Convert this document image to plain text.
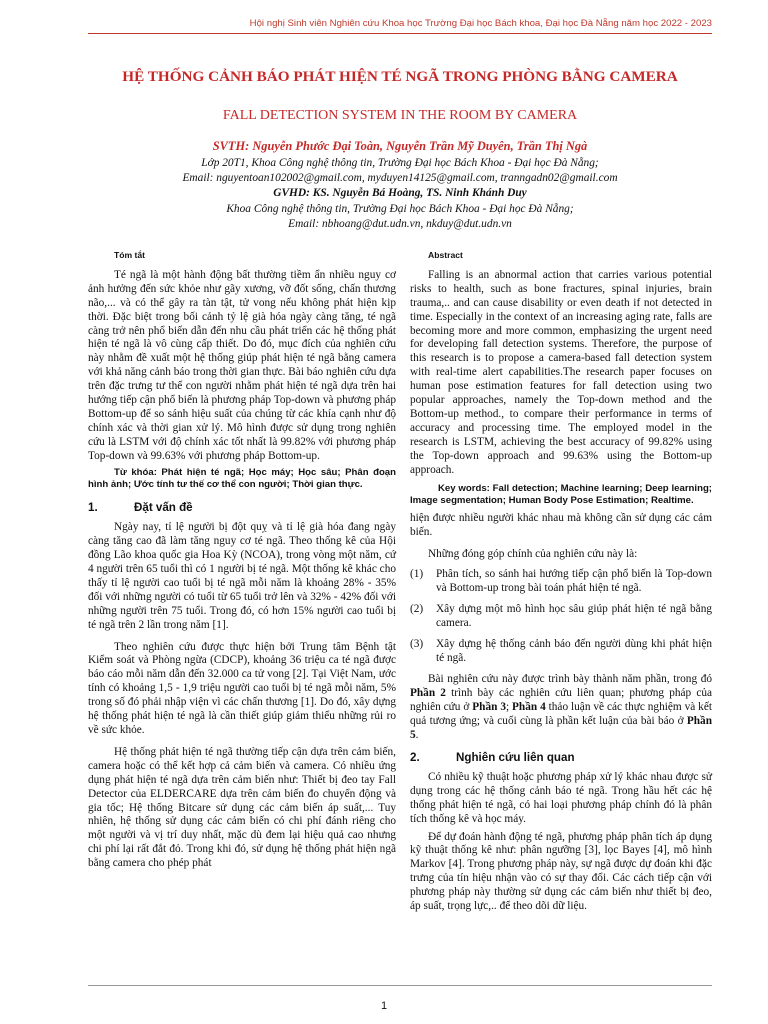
Hội nghị Sinh viên Nghiên cứu Khoa học Trường Đại học Bách khoa, Đại học Đà Nẵng năm học 2022 - 2023
HỆ THỐNG CẢNH BÁO PHÁT HIỆN TÉ NGÃ TRONG PHÒNG BẰNG CAMERA
FALL DETECTION SYSTEM IN THE ROOM BY CAMERA
SVTH: Nguyễn Phước Đại Toàn, Nguyễn Trần Mỹ Duyên, Trần Thị Ngà
Lớp 20T1, Khoa Công nghệ thông tin, Trường Đại học Bách Khoa - Đại học Đà Nẵng;
Email: nguyentoan102002@gmail.com, myduyen14125@gmail.com, tranngadn02@gmail.com
GVHD: KS. Nguyễn Bá Hoàng, TS. Ninh Khánh Duy
Khoa Công nghệ thông tin, Trường Đại học Bách Khoa - Đại học Đà Nẵng;
Email: nbhoang@dut.udn.vn, nkduy@dut.udn.vn
Tóm tắt

Té ngã là một hành động bất thường tiềm ẩn nhiều nguy cơ ảnh hưởng đến sức khỏe như gãy xương, vỡ đốt sống, chấn thương não,... và có thể gây ra tàn tật, tử vong nếu không phát hiện kịp thời. Đặc biệt trong bối cảnh tỷ lệ già hóa ngày càng tăng, té ngã càng trở nên phổ biến dẫn đến nhu cầu phát triển các hệ thống phát hiện té ngã là vô cùng cấp thiết. Do đó, mục đích của nghiên cứu này nhằm đề xuất một hệ thống giúp phát hiện té ngã bằng camera với khả năng cảnh báo trong thời gian thực. Bài báo nghiên cứu dựa trên đặc trưng tư thế con người nhằm phát hiện té ngã dựa trên hai hướng tiếp cận phổ biến là phương pháp Top-down và phương pháp Bottom-up để so sánh hiệu suất của chúng từ các khía cạnh như độ chính xác và thời gian xử lý. Mô hình được sử dụng trong nghiên cứu là LSTM với độ chính xác tốt nhất là 99.82% với phương pháp Top-down và 99.63% với phương pháp Bottom-up.

Từ khóa: Phát hiện té ngã; Học máy; Học sâu; Phân đoạn hình ảnh; Ước tính tư thế cơ thể con người; Thời gian thực.

1.	Đặt vấn đề

Ngày nay, tỉ lệ người bị đột quỵ và tỉ lệ già hóa đang ngày càng tăng cao đã làm tăng nguy cơ té ngã. Theo thống kê của Hội đồng Lão khoa quốc gia Hoa Kỳ (NCOA), trong vòng một năm, cứ 4 người trên 65 tuổi thì có 1 người bị té ngã. Một thống kê khác cho thấy tỉ lệ người cao tuổi bị té ngã mỗi năm là khoảng 28% - 35% đối với những người có tuổi từ 65 tuổi trở lên và 32% - 42% đối với những người trên 75 tuổi. Trong đó, có hơn 15% người cao tuổi bị té ngã trên 2 lần trong năm [1].

Theo nghiên cứu được thực hiện bởi Trung tâm Bệnh tật Kiểm soát và Phòng ngừa (CDCP), khoảng 36 triệu ca té ngã được báo cáo mỗi năm dẫn đến 32.000 ca tử vong [2]. Tại Việt Nam, ước tính có khoảng 1,5 - 1,9 triệu người cao tuổi bị té ngã mỗi năm, 5% trong số đó phải nhập viện vì các chấn thương [1]. Do đó, xây dựng hệ thống phát hiện té ngã là cần thiết giúp giảm thiểu những rủi ro về sức khỏe.

Hệ thống phát hiện té ngã thường tiếp cận dựa trên cảm biến, camera hoặc có thể kết hợp cả cảm biến và camera. Có nhiều ứng dụng phát hiện té ngã dựa trên cảm biến như: Thiết bị đeo tay Fall Detector của ELDERCARE dựa trên cảm biến đo chuyển động và gia tốc; Hệ thống Bitcare sử dụng các cảm biến áp suất,... Tuy nhiên, hệ thống sử dụng các cảm biến có chi phí đánh riêng cho một người và vị trí duy nhất, mặc dù đem lại hiệu quả cao nhưng chi phí lại rất đắt đỏ. Trong khi đó, sử dụng hệ thống phát hiện ngã bằng camera cho phép phát

Abstract

Falling is an abnormal action that carries various potential risks to health, such as bone fractures, spinal injuries, brain trauma,.. and can cause disability or even death if not detected in time. Especially in the context of an increasing aging rate, falls are becoming more and more common, emphasizing the urgent need for developing fall detection systems. Therefore, the purpose of this research is to propose a camera-based fall detection system with real-time alert capabilities.The research paper focuses on human pose estimation features for fall detection using two popular approaches, namely the Top-down method and the Bottom-up method., to compare their performance in terms of accuracy and processing time. The employed model in the research is LSTM, achieving the best accuracy of 99.82% using the Top-down approach and 99.63% using the Bottom-up approach.

Key words: Fall detection; Machine learning; Deep learning; Image segmentation; Human Body Pose Estimation; Realtime.

hiện được nhiều người khác nhau mà không cần sử dụng các cảm biến.

Những đóng góp chính của nghiên cứu này là:

(1)	Phân tích, so sánh hai hướng tiếp cận phổ biến là Top-down và Bottom-up trong bài toán phát hiện té ngã.
(2)	Xây dựng một mô hình học sâu giúp phát hiện té ngã bằng camera.
(3)	Xây dựng hệ thống cảnh báo đến người dùng khi phát hiện té ngã.

Bài nghiên cứu này được trình bày thành năm phần, trong đó Phần 2 trình bày các nghiên cứu liên quan; phương pháp của nghiên cứu ở Phần 3; Phần 4 thảo luận về các thực nghiệm và kết quả tương ứng; và cuối cùng là phần kết luận của bài báo ở Phần 5.

2.	Nghiên cứu liên quan

Có nhiều kỹ thuật hoặc phương pháp xử lý khác nhau được sử dụng trong các hệ thống cảnh báo té ngã. Trong hầu hết các hệ thống phát hiện té ngã, có hai loại phương pháp chính đó là phân tích thống kê và học máy.

Để dự đoán hành động té ngã, phương pháp phân tích áp dụng kỹ thuật thống kê như: phân ngưỡng [3], lọc Bayes [4], mô hình Markov [4]. Trong phương pháp này, sự ngã được dự đoán khi đặc trưng của tín hiệu nhận vào có sự thay đổi. Các cách tiếp cận với phương pháp này thường sử dụng các cảm biến như thiết bị đeo, áp suất, trọng lực,.. để theo dõi dữ liệu.

1
